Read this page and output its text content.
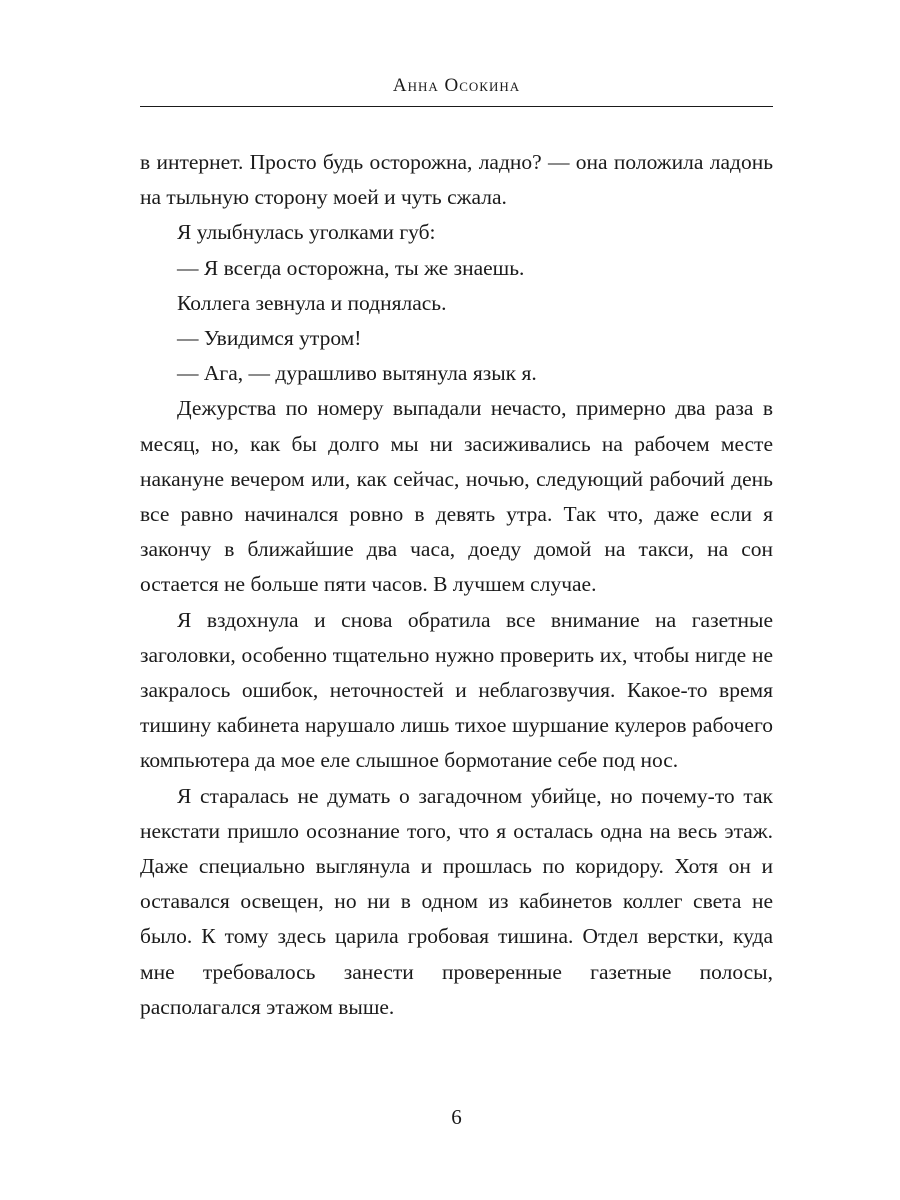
Анна Осокина

в интернет. Просто будь осторожна, ладно? — она положила ладонь на тыльную сторону моей и чуть сжала.

Я улыбнулась уголками губ:

— Я всегда осторожна, ты же знаешь.

Коллега зевнула и поднялась.

— Увидимся утром!

— Ага, — дурашливо вытянула язык я.

Дежурства по номеру выпадали нечасто, примерно два раза в месяц, но, как бы долго мы ни засиживались на рабочем месте накануне вечером или, как сейчас, ночью, следующий рабочий день все равно начинался ровно в девять утра. Так что, даже если я закончу в ближайшие два часа, доеду домой на такси, на сон остается не больше пяти часов. В лучшем случае.

Я вздохнула и снова обратила все внимание на газетные заголовки, особенно тщательно нужно проверить их, чтобы нигде не закралось ошибок, неточностей и неблагозвучия. Какое-то время тишину кабинета нарушало лишь тихое шуршание кулеров рабочего компьютера да мое еле слышное бормотание себе под нос.

Я старалась не думать о загадочном убийце, но почему-то так некстати пришло осознание того, что я осталась одна на весь этаж. Даже специально выглянула и прошлась по коридору. Хотя он и оставался освещен, но ни в одном из кабинетов коллег света не было. К тому здесь царила гробовая тишина. Отдел верстки, куда мне требовалось занести проверенные газетные полосы, располагался этажом выше.

6
